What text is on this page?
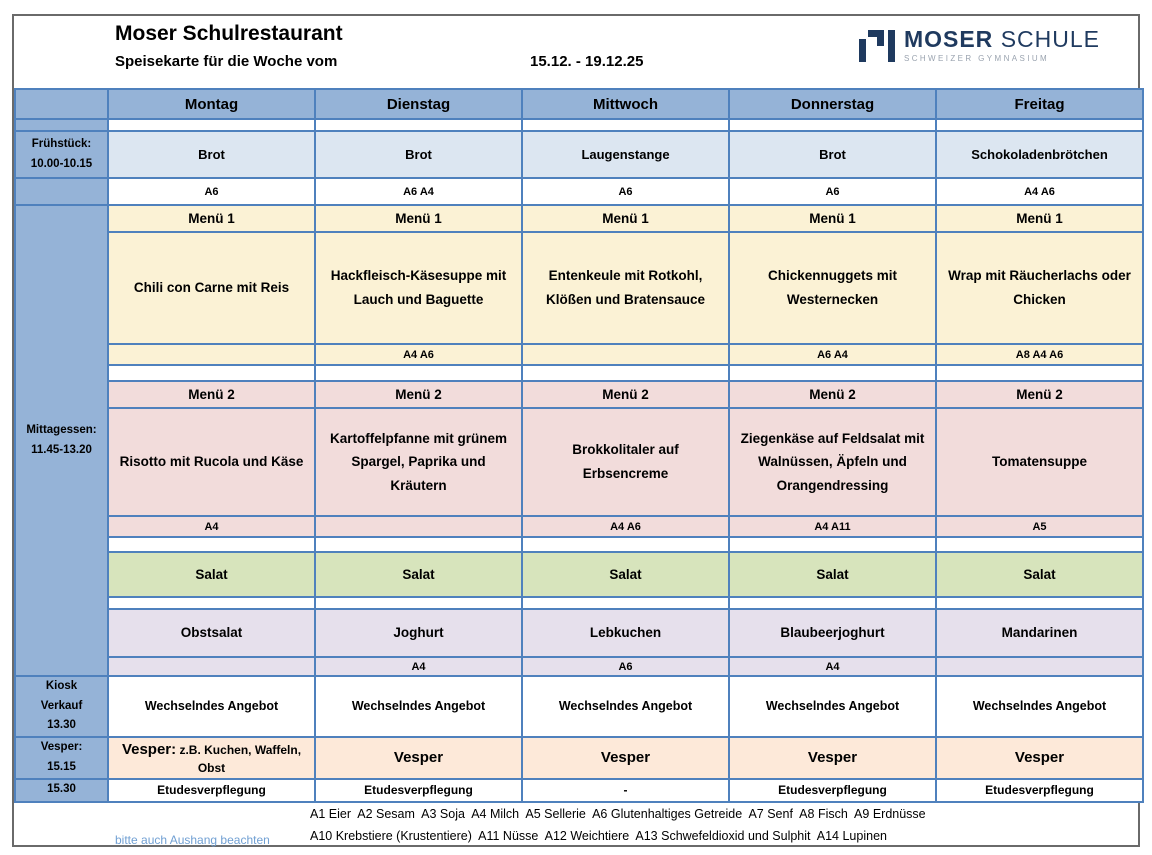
Moser Schulrestaurant
Speisekarte für die Woche vom	15.12. - 19.12.25
MOSER SCHULE
SCHWEIZER GYMNASIUM
	Montag	Dienstag	Mittwoch	Donnerstag	Freitag

Frühstück:
10.00-10.15	Brot	Brot	Laugenstange	Brot	Schokoladenbrötchen
	A6	A6 A4	A6	A6	A4 A6
Mittagessen:
11.45-13.20	Menü 1	Menü 1	Menü 1	Menü 1	Menü 1
	Chili con Carne mit Reis	Hackfleisch-Käsesuppe mit Lauch und Baguette	Entenkeule mit Rotkohl, Klößen und Bratensauce	Chickennuggets mit Westernecken	Wrap mit Räucherlachs oder Chicken
		A4 A6		A6 A4	A8 A4 A6

	Menü 2	Menü 2	Menü 2	Menü 2	Menü 2
	Risotto mit Rucola und Käse	Kartoffelpfanne mit grünem Spargel, Paprika und Kräutern	Brokkolitaler auf Erbsencreme	Ziegenkäse auf Feldsalat mit Walnüssen, Äpfeln und Orangendressing	Tomatensuppe
	A4		A4 A6	A4 A11	A5

	Salat	Salat	Salat	Salat	Salat

	Obstsalat	Joghurt	Lebkuchen	Blaubeerjoghurt	Mandarinen
		A4	A6	A4	
Kiosk Verkauf
13.30	Wechselndes Angebot	Wechselndes Angebot	Wechselndes Angebot	Wechselndes Angebot	Wechselndes Angebot
Vesper:
15.15	Vesper: z.B. Kuchen, Waffeln, Obst	Vesper	Vesper	Vesper	Vesper
15.30	Etudesverpflegung	Etudesverpflegung	-	Etudesverpflegung	Etudesverpflegung
bitte auch Aushang beachten
A1 Eier  A2 Sesam  A3 Soja  A4 Milch  A5 Sellerie  A6 Glutenhaltiges Getreide  A7 Senf  A8 Fisch  A9 Erdnüsse
A10 Krebstiere (Krustentiere)  A11 Nüsse  A12 Weichtiere  A13 Schwefeldioxid und Sulphit  A14 Lupinen
